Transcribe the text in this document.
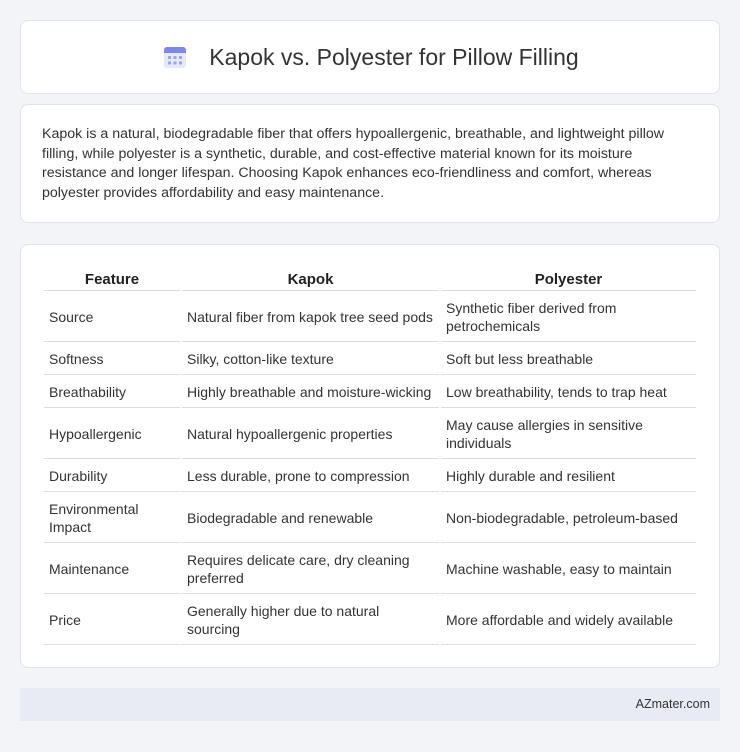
Kapok vs. Polyester for Pillow Filling

Kapok is a natural, biodegradable fiber that offers hypoallergenic, breathable, and lightweight pillow filling, while polyester is a synthetic, durable, and cost-effective material known for its moisture resistance and longer lifespan. Choosing Kapok enhances eco-friendliness and comfort, whereas polyester provides affordability and easy maintenance.

Feature	Kapok	Polyester
Source	Natural fiber from kapok tree seed pods	Synthetic fiber derived from petrochemicals
Softness	Silky, cotton-like texture	Soft but less breathable
Breathability	Highly breathable and moisture-wicking	Low breathability, tends to trap heat
Hypoallergenic	Natural hypoallergenic properties	May cause allergies in sensitive individuals
Durability	Less durable, prone to compression	Highly durable and resilient
Environmental Impact	Biodegradable and renewable	Non-biodegradable, petroleum-based
Maintenance	Requires delicate care, dry cleaning preferred	Machine washable, easy to maintain
Price	Generally higher due to natural sourcing	More affordable and widely available
AZmater.com
